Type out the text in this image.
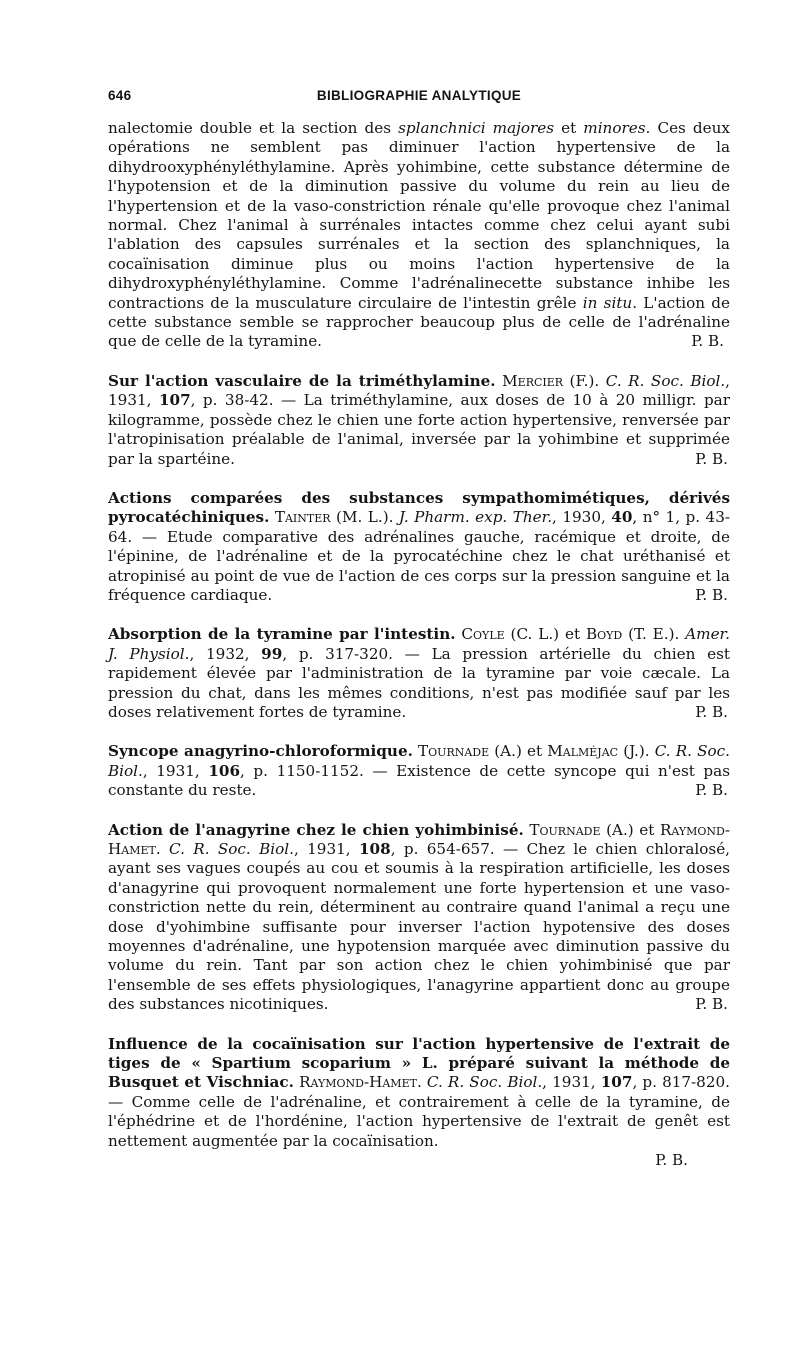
646	BIBLIOGRAPHIE ANALYTIQUE

nalectomie double et la section des splanchnici majores et minores. Ces deux opérations ne semblent pas diminuer l'action hypertensive de la dihydrooxyphényléthylamine. Après yohimbine, cette substance détermine de l'hypotension et de la diminution passive du volume du rein au lieu de l'hypertension et de la vaso-constriction rénale qu'elle provoque chez l'animal normal. Chez l'animal à surrénales intactes comme chez celui ayant subi l'ablation des capsules surrénales et la section des splanchniques, la cocaïnisation diminue plus ou moins l'action hypertensive de la dihydroxyphényléthylamine. Comme l'adrénalinecette substance inhibe les contractions de la musculature circulaire de l'intestin grêle in situ. L'action de cette substance semble se rapprocher beaucoup plus de celle de l'adrénaline que de celle de la tyramine.	P. B.

Sur l'action vasculaire de la triméthylamine. Mercier (F.). C. R. Soc. Biol., 1931, 107, p. 38-42. — La triméthylamine, aux doses de 10 à 20 milligr. par kilogramme, possède chez le chien une forte action hypertensive, renversée par l'atropinisation préalable de l'animal, inversée par la yohimbine et supprimée par la spartéine.	P. B.

Actions comparées des substances sympathomimétiques, dérivés pyrocatéchiniques. Tainter (M. L.). J. Pharm. exp. Ther., 1930, 40, n° 1, p. 43-64. — Etude comparative des adrénalines gauche, racémique et droite, de l'épinine, de l'adrénaline et de la pyrocatéchine chez le chat uréthanisé et atropinisé au point de vue de l'action de ces corps sur la pression sanguine et la fréquence cardiaque.	P. B.

Absorption de la tyramine par l'intestin. Coyle (C. L.) et Boyd (T. E.). Amer. J. Physiol., 1932, 99, p. 317-320. — La pression artérielle du chien est rapidement élevée par l'administration de la tyramine par voie cæcale. La pression du chat, dans les mêmes conditions, n'est pas modifiée sauf par les doses relativement fortes de tyramine.	P. B.

Syncope anagyrino-chloroformique. Tournade (A.) et Malméjac (J.). C. R. Soc. Biol., 1931, 106, p. 1150-1152. — Existence de cette syncope qui n'est pas constante du reste.	P. B.

Action de l'anagyrine chez le chien yohimbinisé. Tournade (A.) et Raymond-Hamet. C. R. Soc. Biol., 1931, 108, p. 654-657. — Chez le chien chloralosé, ayant ses vagues coupés au cou et soumis à la respiration artificielle, les doses d'anagyrine qui provoquent normalement une forte hypertension et une vaso-constriction nette du rein, déterminent au contraire quand l'animal a reçu une dose d'yohimbine suffisante pour inverser l'action hypotensive des doses moyennes d'adrénaline, une hypotension marquée avec diminution passive du volume du rein. Tant par son action chez le chien yohimbinisé que par l'ensemble de ses effets physiologiques, l'anagyrine appartient donc au groupe des substances nicotiniques.	P. B.

Influence de la cocaïnisation sur l'action hypertensive de l'extrait de tiges de « Spartium scoparium » L. préparé suivant la méthode de Busquet et Vischniac. Raymond-Hamet. C. R. Soc. Biol., 1931, 107, p. 817-820. — Comme celle de l'adrénaline, et contrairement à celle de la tyramine, de l'éphédrine et de l'hordénine, l'action hypertensive de l'extrait de genêt est nettement augmentée par la cocaïnisation.
P. B.
